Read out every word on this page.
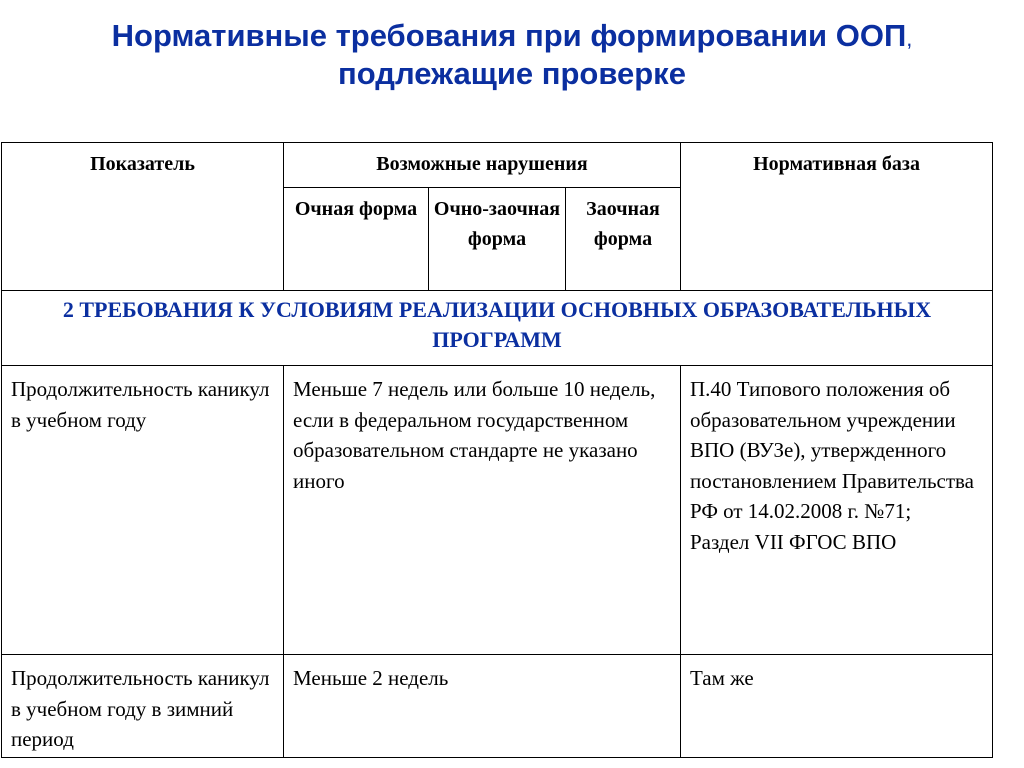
Нормативные требования при формировании ООП,
подлежащие проверке
Показатель	Возможные нарушения			Нормативная база
	Очная форма	Очно-заочная форма	Заочная форма	
2 ТРЕБОВАНИЯ К УСЛОВИЯМ РЕАЛИЗАЦИИ ОСНОВНЫХ ОБРАЗОВАТЕЛЬНЫХ ПРОГРАММ				
Продолжительность каникул в учебном году	Меньше 7 недель или больше 10 недель, если в федеральном государственном образовательном стандарте не указано иного			П.40 Типового положения об образовательном учреждении ВПО (ВУЗе), утвержденного постановлением Правительства РФ от 14.02.2008 г. №71;
Раздел VII ФГОС ВПО

Продолжительность каникул в учебном году в зимний период	Меньше 2 недель			Там же
